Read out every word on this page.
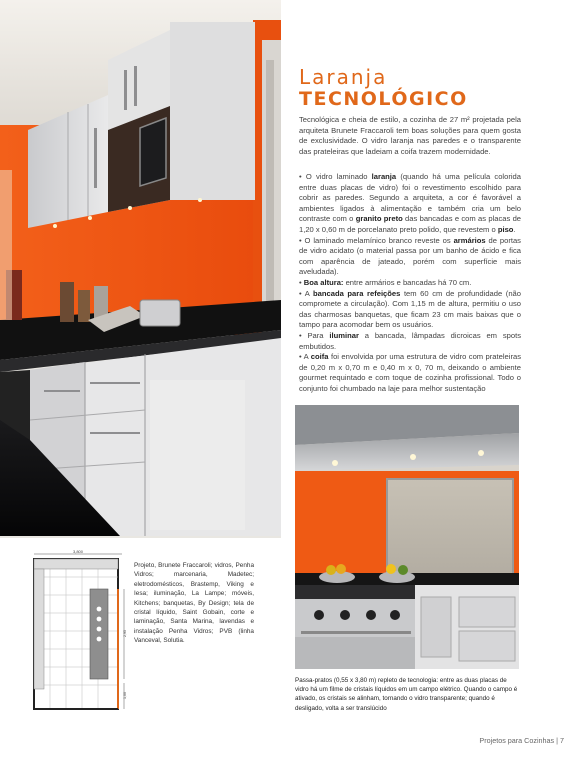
Laranja
TECNOLÓGICO
Tecnológica e cheia de estilo, a cozinha de 27 m² projetada pela arquiteta Brunete Fraccaroli tem boas soluções para quem gosta de exclusividade. O vidro laranja nas paredes e o transparente das prateleiras que ladeiam a coifa trazem modernidade.

• O vidro laminado laranja (quando há uma película colorida entre duas placas de vidro) foi o revestimento escolhido para cobrir as paredes. Segundo a arquiteta, a cor é favorável a ambientes ligados à alimentação e também cria um belo contraste com o granito preto das bancadas e com as placas de 1,20 x 0,60 m de porcelanato preto polido, que revestem o piso.

• O laminado melamínico branco reveste os armários de portas de vidro acidato (o material passa por um banho de ácido e fica com aparência de jateado, porém com superfície mais aveludada).

• Boa altura: entre armários e bancadas há 70 cm.

• A bancada para refeições tem 60 cm de profundidade (não compromete a circulação). Com 1,15 m de altura, permitiu o uso das charmosas banquetas, que ficam 23 cm mais baixas que o tampo para acomodar bem os usuários.

• Para iluminar a bancada, lâmpadas dicroicas em spots embutidos.

• A coifa foi envolvida por uma estrutura de vidro com prateleiras de 0,20 m x 0,70 m e 0,40 m x 0, 70 m, deixando o ambiente gourmet requintado e com toque de cozinha profissional. Todo o conjunto foi chumbado na laje para melhor sustentação

Passa-pratos (0,55 x 3,80 m) repleto de tecnologia: entre as duas placas de vidro há um filme de cristais líquidos em um campo elétrico. Quando o campo é ativado, os cristais se alinham, tornando o vidro transparente; quando é desligado, volta a ser translúcido
3,800
2,95
1,00
Projeto, Brunete Fraccaroli; vidros, Penha Vidros; marcenaria, Madetec; eletrodomésticos, Brastemp, Viking e Iesa; iluminação, La Lampe; móveis, Kitchens; banquetas, By Design; tela de cristal líquido, Saint Gobain, corte e laminação, Santa Marina, lavendas e instalação Penha Vidros; PVB (linha Vanceval, Solutia.
Projetos para Cozinhas | 7
